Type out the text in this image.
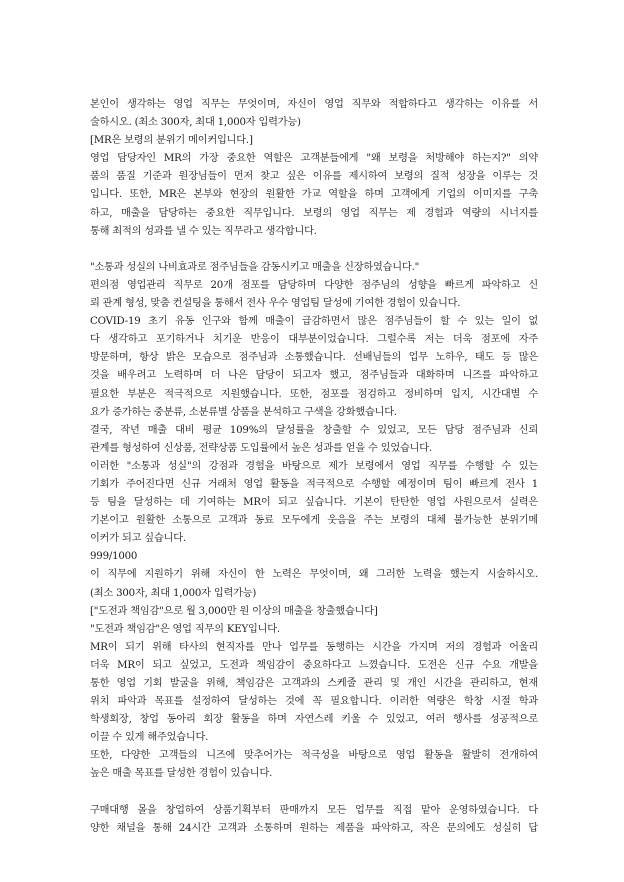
본인이 생각하는 영업 직무는 무엇이며, 자신이 영업 직무와 적합하다고 생각하는 이유를 서
술하시오. (최소 300자, 최대 1,000자 입력가능)
[MR은 보령의 분위기 메이커입니다.]
영업 담당자인 MR의 가장 중요한 역할은 고객분들에게 "왜 보령을 처방해야 하는지?" 의약
품의 품질 기준과 원장님들이 먼저 찾고 싶은 이유를 제시하여 보령의 질적 성장을 이루는 것
입니다. 또한, MR은 본부와 현장의 원활한 가교 역할을 하며 고객에게 기업의 이미지를 구축
하고, 매출을 담당하는 중요한 직무입니다. 보령의 영업 직무는 제 경험과 역량의 시너지를
통해 최적의 성과를 낼 수 있는 직무라고 생각합니다.
"소통과 성실의 나비효과로 점주님들을 감동시키고 매출을 신장하였습니다."
편의점 영업관리 직무로 20개 점포를 담당하며 다양한 점주님의 성향을 빠르게 파악하고 신
뢰 관계 형성, 맞춤 컨설팅을 통해서 전사 우수 영업팀 달성에 기여한 경험이 있습니다.
COVID-19 초기 유동 인구와 함께 매출이 급감하면서 많은 점주님들이 할 수 있는 일이 없
다 생각하고 포기하거나 치기운 반응이 대부분이었습니다. 그럴수록 저는 더욱 점포에 자주
방문하며, 항상 밝은 모습으로 점주님과 소통했습니다. 선배님들의 업무 노하우, 태도 등 많은
것을 배우려고 노력하며 더 나은 담당이 되고자 했고, 점주님들과 대화하며 니즈를 파악하고
필요한 부분은 적극적으로 지원했습니다. 또한, 점포를 점검하고 정비하며 입지, 시간대별 수
요가 증가하는 중분류, 소분류별 상품을 분석하고 구색을 강화했습니다.
결국, 작년 매출 대비 평균 109%의 달성률을 창출할 수 있었고, 모든 담당 점주님과 신뢰
관계를 형성하여 신상품, 전략상품 도입률에서 높은 성과를 얻을 수 있었습니다.
이러한 "소통과 성실"의 강점과 경험을 바탕으로 제가 보령에서 영업 직무를 수행할 수 있는
기회가 주어진다면 신규 거래처 영업 활동을 적극적으로 수행할 예정이며 팀이 빠르게 전사 1
등 팀을 달성하는 데 기여하는 MR이 되고 싶습니다. 기본이 탄탄한 영업 사원으로서 실력은
기본이고 원활한 소통으로 고객과 동료 모두에게 웃음을 주는 보령의 대체 불가능한 분위기메
이커가 되고 싶습니다.
999/1000
이 직무에 지원하기 위해 자신이 한 노력은 무엇이며, 왜 그러한 노력을 했는지 시술하시오.
(최소 300자, 최대 1,000자 입력가능)
["도전과 책임감"으로 월 3,000만 원 이상의 매출을 창출했습니다]
"도전과 책임감"은 영업 직무의 KEY입니다.
MR이 되기 위해 타사의 현직자를 만나 업무를 동행하는 시간을 가지며 저의 경험과 어울리
더욱 MR이 되고 싶었고, 도전과 책임감이 중요하다고 느꼈습니다. 도전은 신규 수요 개발을
통한 영업 기회 발굴을 위해, 책임감은 고객과의 스케줄 관리 및 개인 시간을 관리하고, 현재
위치 파악과 목표를 설정하여 달성하는 것에 꼭 필요합니다. 이러한 역량은 학창 시절 학과
학생회장, 창업 동아리 회장 활동을 하며 자연스레 키울 수 있었고, 여러 행사를 성공적으로
이끌 수 있게 해주었습니다.
또한, 다양한 고객들의 니즈에 맞추어가는 적극성을 바탕으로 영업 활동을 활발히 전개하여
높은 매출 목표를 달성한 경험이 있습니다.
구매대행 몰을 창업하여 상품기획부터 판매까지 모든 업무를 직접 맡아 운영하였습니다. 다
양한 채널을 통해 24시간 고객과 소통하며 원하는 제품을 파악하고, 작은 문의에도 성실히 답
